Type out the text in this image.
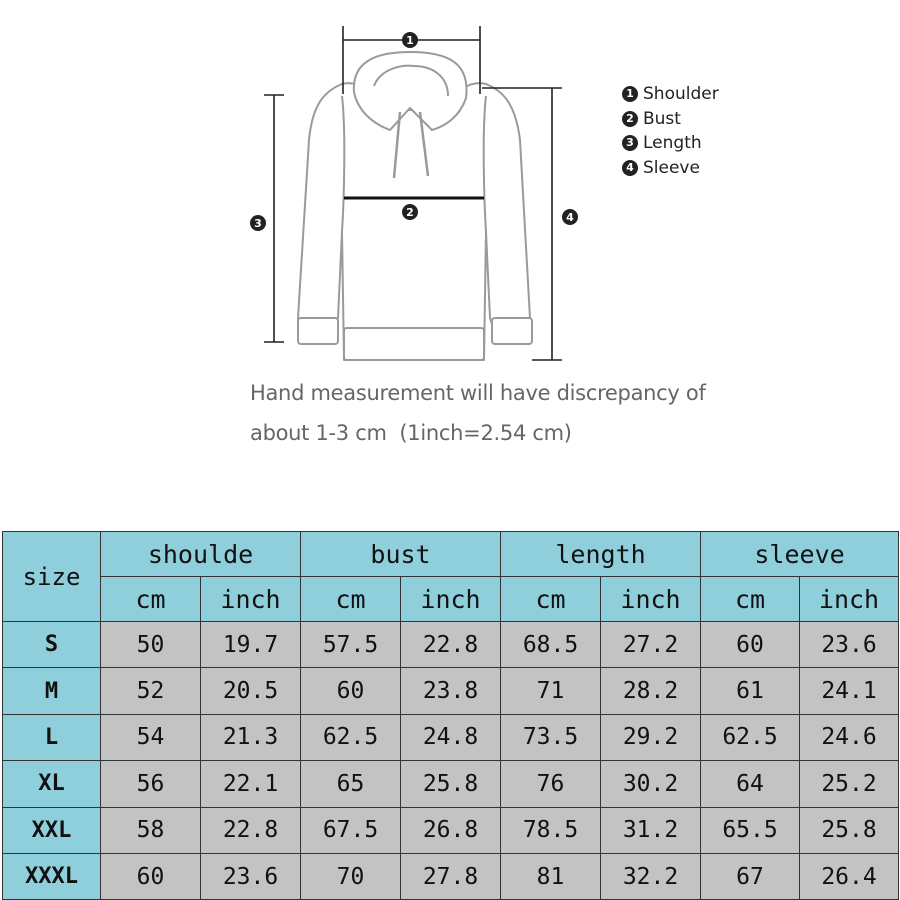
1
2
3	4
1 Shoulder
2 Bust
3 Length
4 Sleeve
Hand measurement will have discrepancy of
about 1-3 cm  (1inch=2.54 cm)
size	shoulde		bust		length		sleeve	
	cm	inch	cm	inch	cm	inch	cm	inch
S	50	19.7	57.5	22.8	68.5	27.2	60	23.6
M	52	20.5	60	23.8	71	28.2	61	24.1
L	54	21.3	62.5	24.8	73.5	29.2	62.5	24.6
XL	56	22.1	65	25.8	76	30.2	64	25.2
XXL	58	22.8	67.5	26.8	78.5	31.2	65.5	25.8
XXXL	60	23.6	70	27.8	81	32.2	67	26.4
